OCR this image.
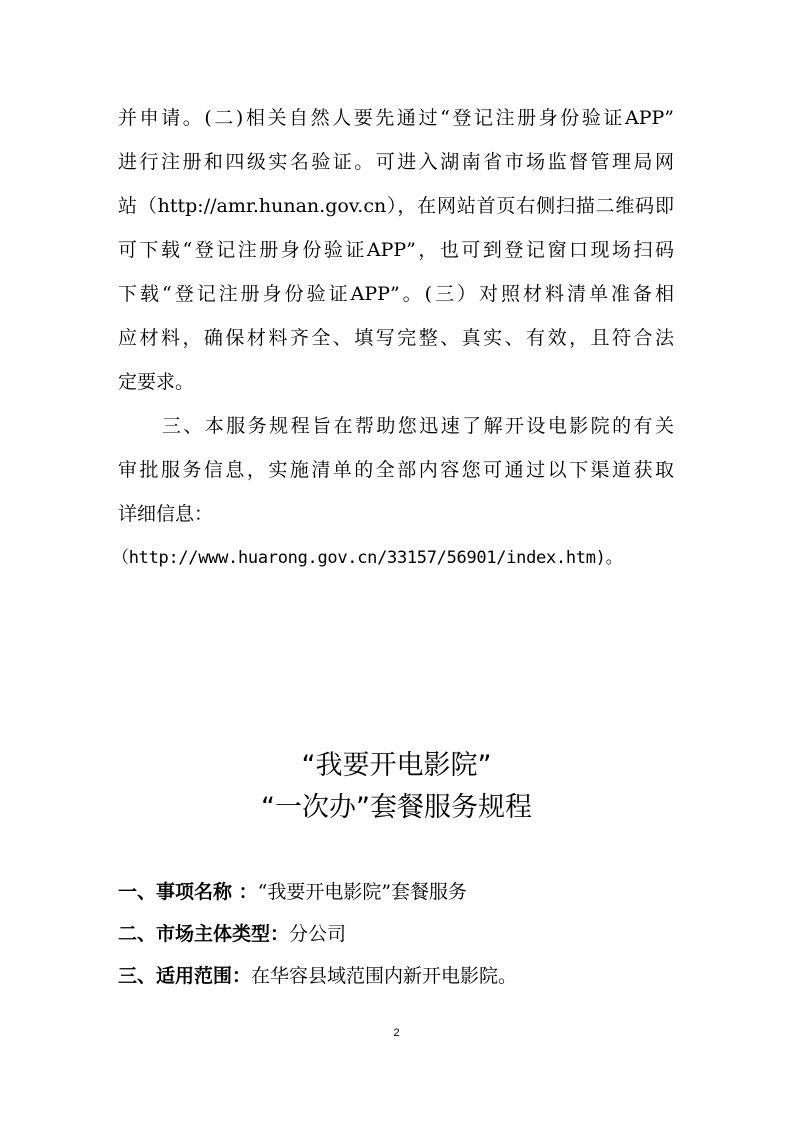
并申请。(二)相关自然人要先通过“登记注册身份验证APP”
进行注册和四级实名验证。可进入湖南省市场监督管理局网
站（http://amr.hunan.gov.cn），在网站首页右侧扫描二维码即
可下载“登记注册身份验证APP”，也可到登记窗口现场扫码
下载“登记注册身份验证APP”。(三）对照材料清单准备相
应材料，确保材料齐全、填写完整、真实、有效，且符合法
定要求。
三、本服务规程旨在帮助您迅速了解开设电影院的有关
审批服务信息，实施清单的全部内容您可通过以下渠道获取
详细信息：
（http://www.huarong.gov.cn/33157/56901/index.htm)。
“我要开电影院”
“一次办”套餐服务规程
一、事项名称 ：“我要开电影院”套餐服务
二、市场主体类型：分公司
三、适用范围：在华容县域范围内新开电影院。
2
